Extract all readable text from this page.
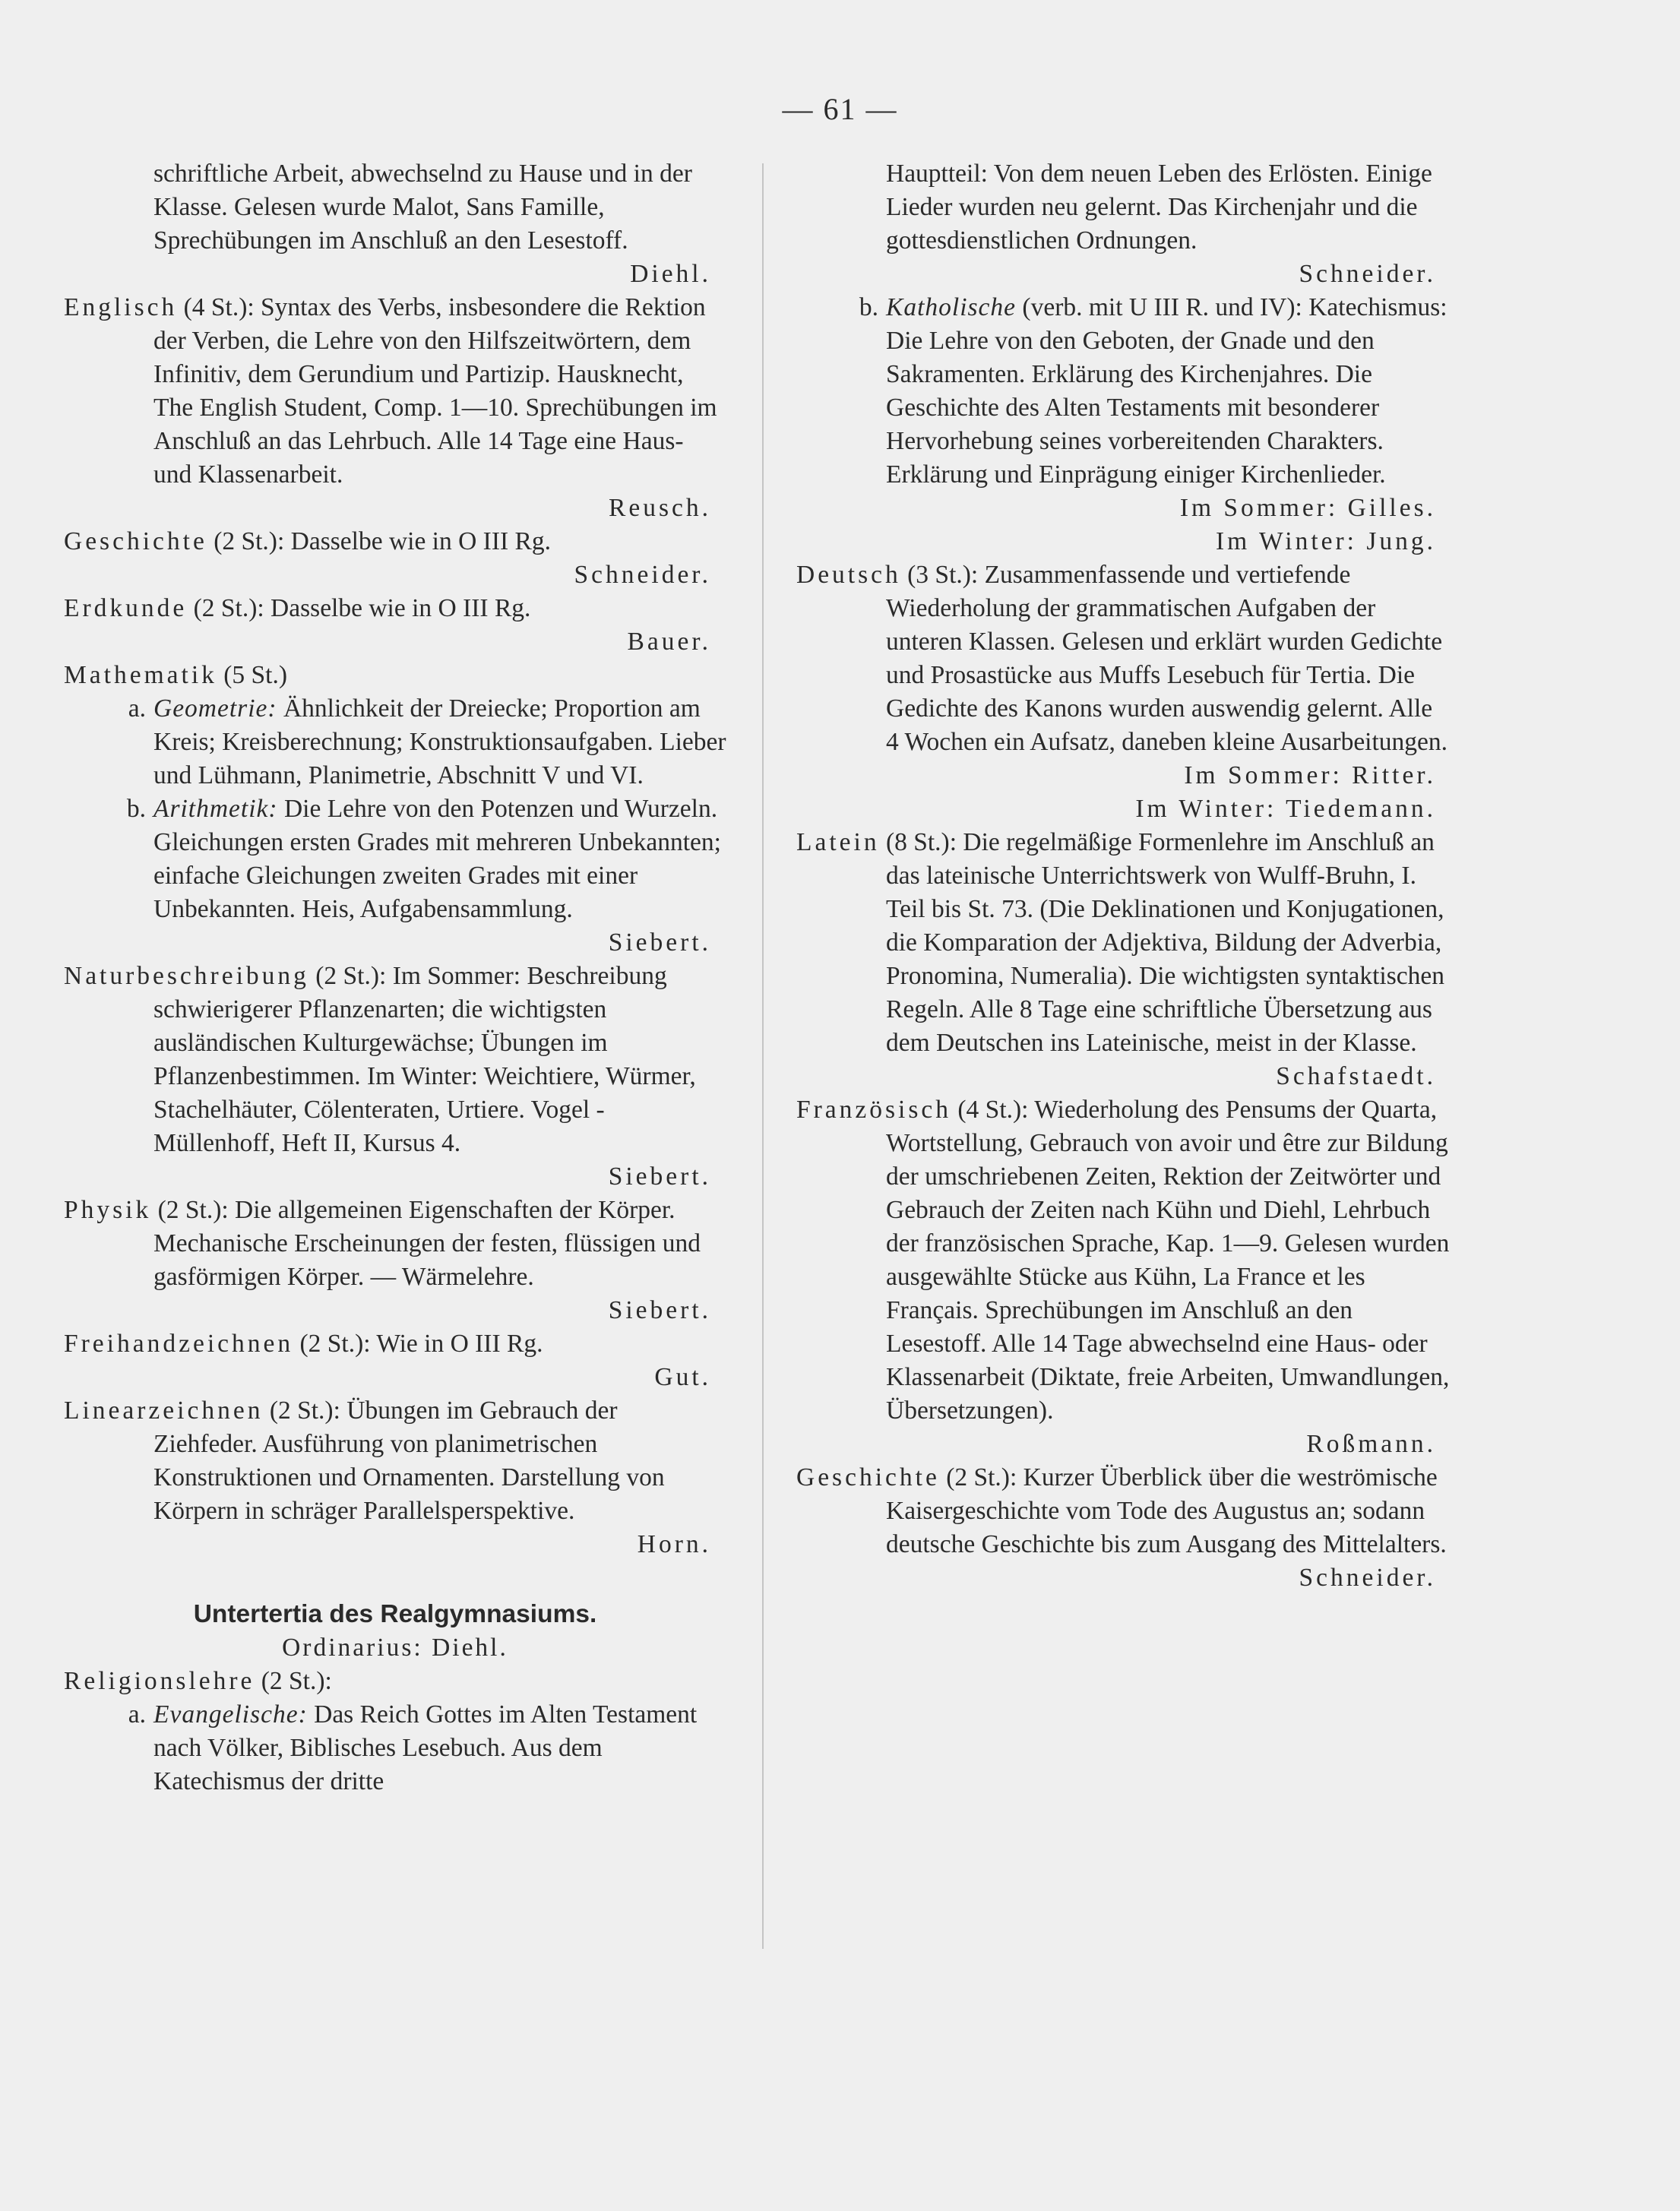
— 61 —

schriftliche Arbeit, abwechselnd zu Hause und in der Klasse. Gelesen wurde Malot, Sans Famille, Sprechübungen im Anschluß an den Lesestoff.

Diehl.

Englisch (4 St.): Syntax des Verbs, insbesondere die Rektion der Verben, die Lehre von den Hilfszeitwörtern, dem Infinitiv, dem Gerundium und Partizip. Hausknecht, The English Student, Comp. 1—10. Sprechübungen im Anschluß an das Lehrbuch. Alle 14 Tage eine Haus- und Klassenarbeit.

Reusch.

Geschichte (2 St.): Dasselbe wie in O III Rg.

Schneider.

Erdkunde (2 St.): Dasselbe wie in O III Rg.

Bauer.

Mathematik (5 St.)

a. Geometrie: Ähnlichkeit der Dreiecke; Proportion am Kreis; Kreisberechnung; Konstruktionsaufgaben. Lieber und Lühmann, Planimetrie, Abschnitt V und VI.

b. Arithmetik: Die Lehre von den Potenzen und Wurzeln. Gleichungen ersten Grades mit mehreren Unbekannten; einfache Gleichungen zweiten Grades mit einer Unbekannten. Heis, Aufgabensammlung.

Siebert.

Naturbeschreibung (2 St.): Im Sommer: Beschreibung schwierigerer Pflanzenarten; die wichtigsten ausländischen Kulturgewächse; Übungen im Pflanzenbestimmen. Im Winter: Weichtiere, Würmer, Stachelhäuter, Cölenteraten, Urtiere. Vogel - Müllenhoff, Heft II, Kursus 4.

Siebert.

Physik (2 St.): Die allgemeinen Eigenschaften der Körper. Mechanische Erscheinungen der festen, flüssigen und gasförmigen Körper. — Wärmelehre.

Siebert.

Freihandzeichnen (2 St.): Wie in O III Rg.

Gut.

Linearzeichnen (2 St.): Übungen im Gebrauch der Ziehfeder. Ausführung von planimetrischen Konstruktionen und Ornamenten. Darstellung von Körpern in schräger Parallelsperspektive.

Horn.

Untertertia des Realgymnasiums.
Ordinarius: Diehl.

Religionslehre (2 St.):

a. Evangelische: Das Reich Gottes im Alten Testament nach Völker, Biblisches Lesebuch. Aus dem Katechismus der dritte

Hauptteil: Von dem neuen Leben des Erlösten. Einige Lieder wurden neu gelernt. Das Kirchenjahr und die gottesdienstlichen Ordnungen.

Schneider.

b. Katholische (verb. mit U III R. und IV): Katechismus: Die Lehre von den Geboten, der Gnade und den Sakramenten. Erklärung des Kirchenjahres. Die Geschichte des Alten Testaments mit besonderer Hervorhebung seines vorbereitenden Charakters. Erklärung und Einprägung einiger Kirchenlieder.

Im Sommer: Gilles.

Im Winter: Jung.

Deutsch (3 St.): Zusammenfassende und vertiefende Wiederholung der grammatischen Aufgaben der unteren Klassen. Gelesen und erklärt wurden Gedichte und Prosastücke aus Muffs Lesebuch für Tertia. Die Gedichte des Kanons wurden auswendig gelernt. Alle 4 Wochen ein Aufsatz, daneben kleine Ausarbeitungen.

Im Sommer: Ritter.

Im Winter: Tiedemann.

Latein (8 St.): Die regelmäßige Formenlehre im Anschluß an das lateinische Unterrichtswerk von Wulff-Bruhn, I. Teil bis St. 73. (Die Deklinationen und Konjugationen, die Komparation der Adjektiva, Bildung der Adverbia, Pronomina, Numeralia). Die wichtigsten syntaktischen Regeln. Alle 8 Tage eine schriftliche Übersetzung aus dem Deutschen ins Lateinische, meist in der Klasse.

Schafstaedt.

Französisch (4 St.): Wiederholung des Pensums der Quarta, Wortstellung, Gebrauch von avoir und être zur Bildung der umschriebenen Zeiten, Rektion der Zeitwörter und Gebrauch der Zeiten nach Kühn und Diehl, Lehrbuch der französischen Sprache, Kap. 1—9. Gelesen wurden ausgewählte Stücke aus Kühn, La France et les Français. Sprechübungen im Anschluß an den Lesestoff. Alle 14 Tage abwechselnd eine Haus- oder Klassenarbeit (Diktate, freie Arbeiten, Umwandlungen, Übersetzungen).

Roßmann.

Geschichte (2 St.): Kurzer Überblick über die weströmische Kaisergeschichte vom Tode des Augustus an; sodann deutsche Geschichte bis zum Ausgang des Mittelalters.

Schneider.
